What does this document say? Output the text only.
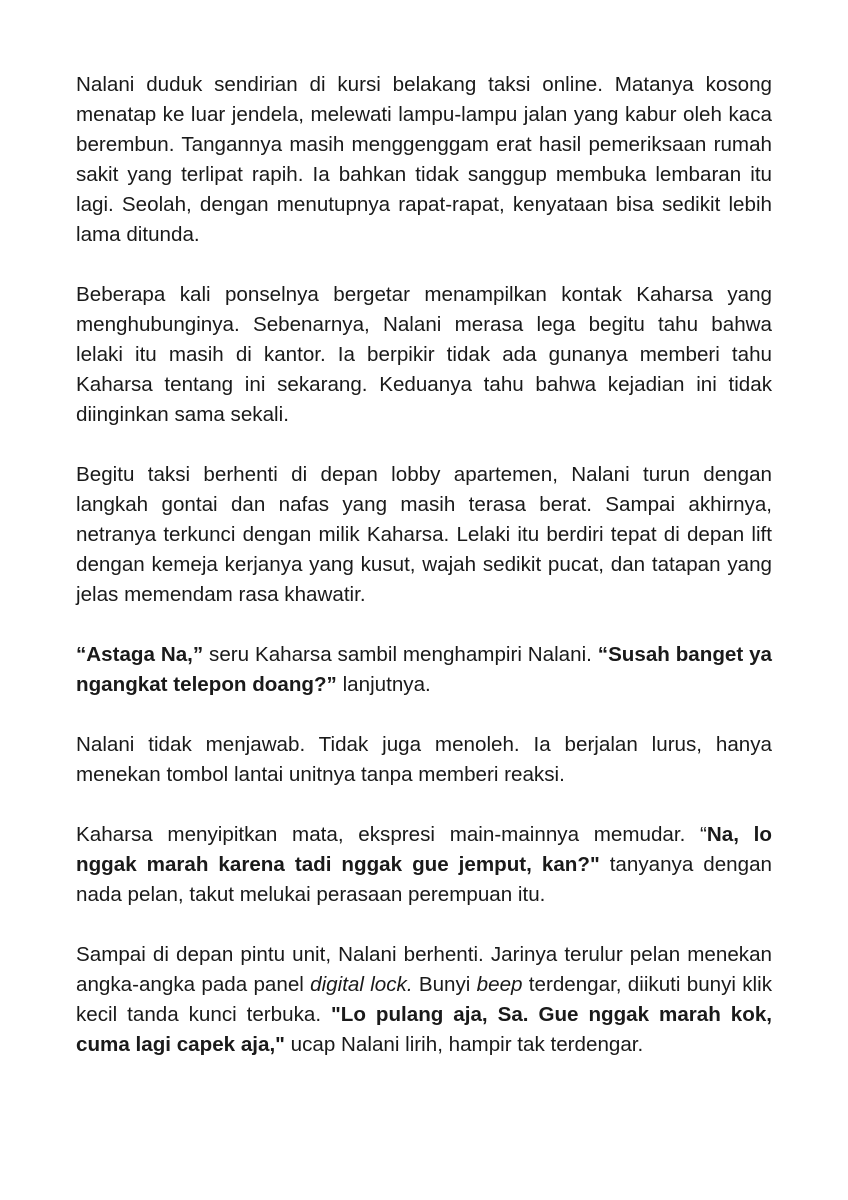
Nalani duduk sendirian di kursi belakang taksi online. Matanya kosong menatap ke luar jendela, melewati lampu-lampu jalan yang kabur oleh kaca berembun. Tangannya masih menggenggam erat hasil pemeriksaan rumah sakit yang terlipat rapih. Ia bahkan tidak sanggup membuka lembaran itu lagi. Seolah, dengan menutupnya rapat-rapat, kenyataan bisa sedikit lebih lama ditunda.

Beberapa kali ponselnya bergetar menampilkan kontak Kaharsa yang menghubunginya. Sebenarnya, Nalani merasa lega begitu tahu bahwa lelaki itu masih di kantor. Ia berpikir tidak ada gunanya memberi tahu Kaharsa tentang ini sekarang. Keduanya tahu bahwa kejadian ini tidak diinginkan sama sekali.

Begitu taksi berhenti di depan lobby apartemen, Nalani turun dengan langkah gontai dan nafas yang masih terasa berat. Sampai akhirnya, netranya terkunci dengan milik Kaharsa. Lelaki itu berdiri tepat di depan lift dengan kemeja kerjanya yang kusut, wajah sedikit pucat, dan tatapan yang jelas memendam rasa khawatir.

“Astaga Na,” seru Kaharsa sambil menghampiri Nalani. “Susah banget ya ngangkat telepon doang?” lanjutnya.

Nalani tidak menjawab. Tidak juga menoleh. Ia berjalan lurus, hanya menekan tombol lantai unitnya tanpa memberi reaksi.

Kaharsa menyipitkan mata, ekspresi main-mainnya memudar. “Na, lo nggak marah karena tadi nggak gue jemput, kan?" tanyanya dengan nada pelan, takut melukai perasaan perempuan itu.

Sampai di depan pintu unit, Nalani berhenti. Jarinya terulur pelan menekan angka-angka pada panel digital lock. Bunyi beep terdengar, diikuti bunyi klik kecil tanda kunci terbuka. "Lo pulang aja, Sa. Gue nggak marah kok, cuma lagi capek aja," ucap Nalani lirih, hampir tak terdengar.
